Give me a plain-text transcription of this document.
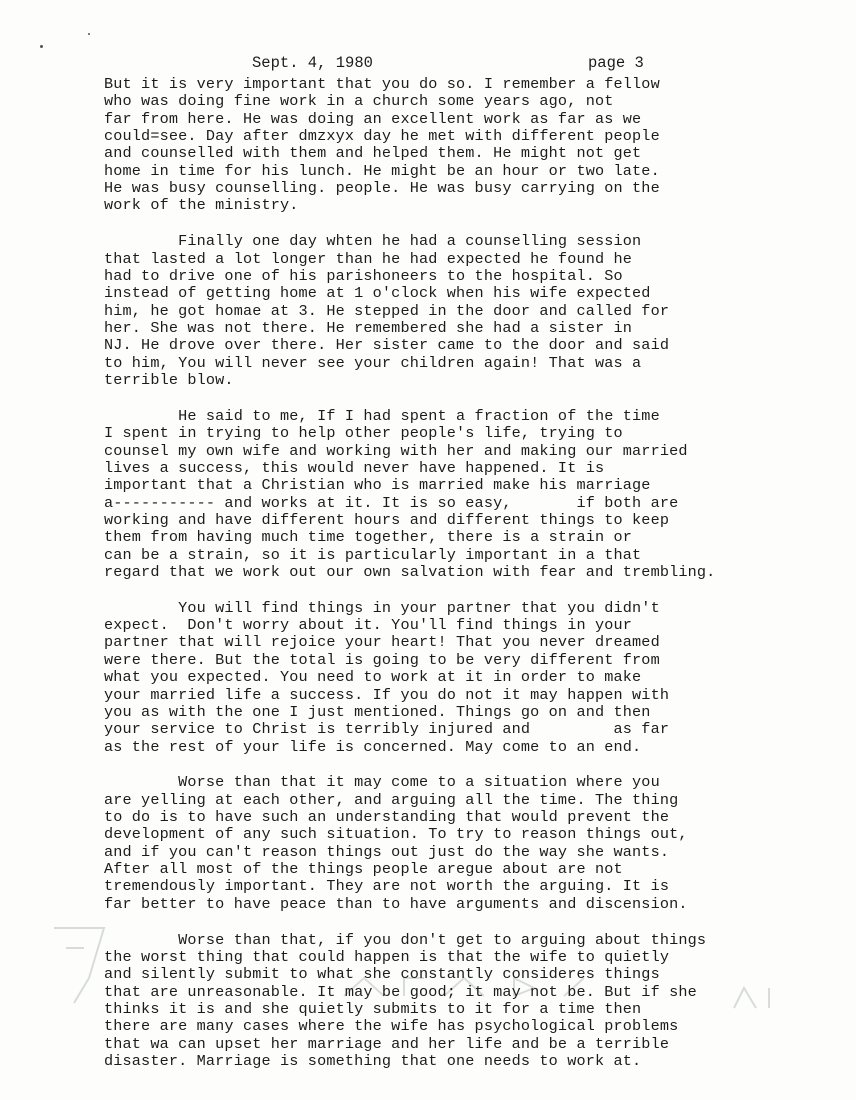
Sept. 4, 1980	page 3
But it is very important that you do so. I remember a fellow
who was doing fine work in a church some years ago, not
far from here. He was doing an excellent work as far as we
could=see. Day after dmzxyx day he met with different people
and counselled with them and helped them. He might not get
home in time for his lunch. He might be an hour or two late.
He was busy counselling. people. He was busy carrying on the
work of the ministry.
Finally one day whten he had a counselling session
that lasted a lot longer than he had expected he found he
had to drive one of his parishoneers to the hospital. So
instead of getting home at 1 o'clock when his wife expected
him, he got homae at 3. He stepped in the door and called for
her. She was not there. He remembered she had a sister in
NJ. He drove over there. Her sister came to the door and said
to him, You will never see your children again! That was a
terrible blow.
He said to me, If I had spent a fraction of the time
I spent in trying to help other people's life, trying to
counsel my own wife and working with her and making our married
lives a success, this would never have happened. It is
important that a Christian who is married make his marriage
a----------- and works at it. It is so easy,       if both are
working and have different hours and different things to keep
them from having much time together, there is a strain or
can be a strain, so it is particularly important in a that
regard that we work out our own salvation with fear and trembling.
You will find things in your partner that you didn't
expect.  Don't worry about it. You'll find things in your
partner that will rejoice your heart! That you never dreamed
were there. But the total is going to be very different from
what you expected. You need to work at it in order to make
your married life a success. If you do not it may happen with
you as with the one I just mentioned. Things go on and then
your service to Christ is terribly injured and         as far
as the rest of your life is concerned. May come to an end.
Worse than that it may come to a situation where you
are yelling at each other, and arguing all the time. The thing
to do is to have such an understanding that would prevent the
development of any such situation. To try to reason things out,
and if you can't reason things out just do the way she wants.
After all most of the things people aregue about are not
tremendously important. They are not worth the arguing. It is
far better to have peace than to have arguments and discension.
Worse than that, if you don't get to arguing about things
the worst thing that could happen is that the wife to quietly
and silently submit to what she constantly consideres things
that are unreasonable. It may be good; it may not be. But if she
thinks it is and she quietly submits to it for a time then
there are many cases where the wife has psychological problems
that wa can upset her marriage and her life and be a terrible
disaster. Marriage is something that one needs to work at.
